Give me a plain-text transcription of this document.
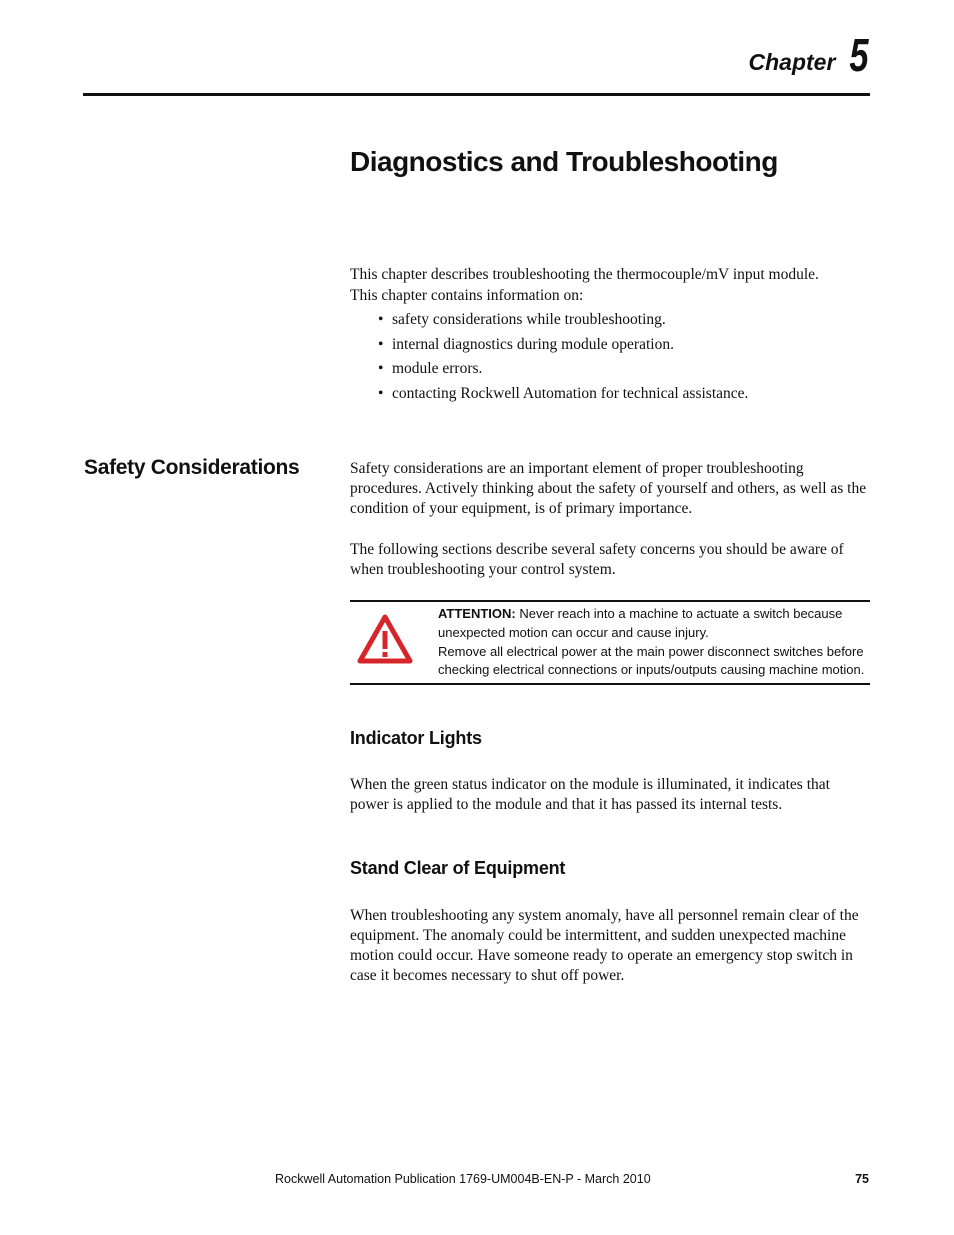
Chapter 5
Diagnostics and Troubleshooting

This chapter describes troubleshooting the thermocouple/mV input module.

This chapter contains information on:

• safety considerations while troubleshooting.
• internal diagnostics during module operation.
• module errors.
• contacting Rockwell Automation for technical assistance.
Safety Considerations	Safety considerations are an important element of proper troubleshooting procedures. Actively thinking about the safety of yourself and others, as well as the condition of your equipment, is of primary importance.

The following sections describe several safety concerns you should be aware of when troubleshooting your control system.

ATTENTION: Never reach into a machine to actuate a switch because unexpected motion can occur and cause injury.
Remove all electrical power at the main power disconnect switches before checking electrical connections or inputs/outputs causing machine motion.
Indicator Lights

When the green status indicator on the module is illuminated, it indicates that power is applied to the module and that it has passed its internal tests.

Stand Clear of Equipment

When troubleshooting any system anomaly, have all personnel remain clear of the equipment. The anomaly could be intermittent, and sudden unexpected machine motion could occur. Have someone ready to operate an emergency stop switch in case it becomes necessary to shut off power.

Rockwell Automation Publication 1769-UM004B-EN-P - March 2010	75
